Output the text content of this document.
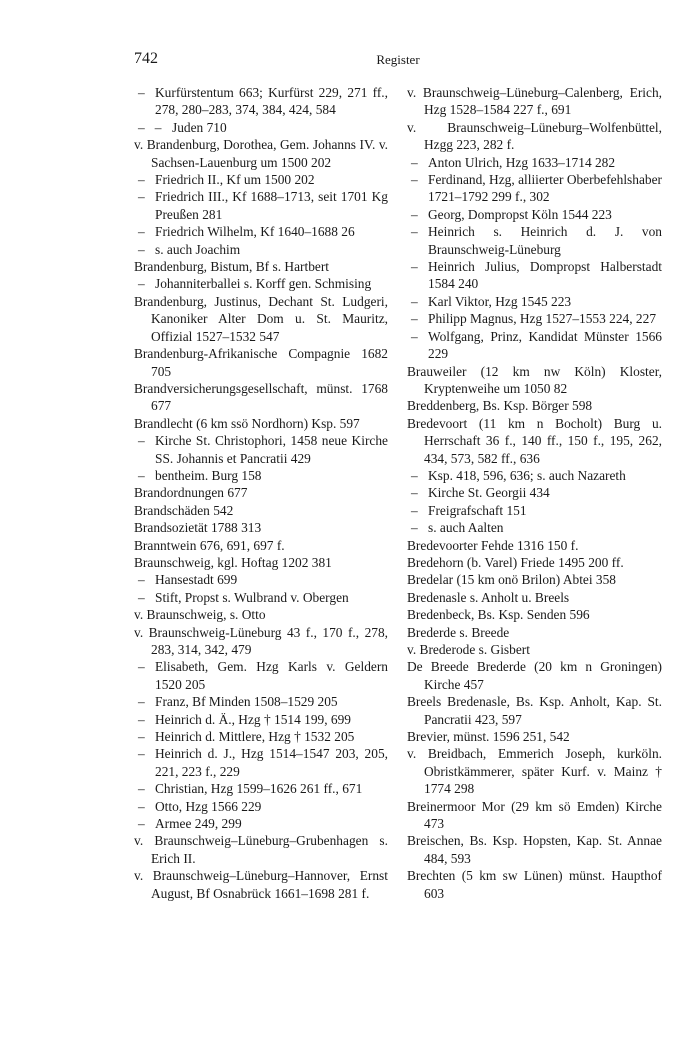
742	Register

– Kurfürstentum 663; Kurfürst 229, 271 ff., 278, 280–283, 374, 384, 424, 584

– – Juden 710

v. Brandenburg, Dorothea, Gem. Johanns IV. v. Sachsen-Lauenburg um 1500 202

– Friedrich II., Kf um 1500 202

– Friedrich III., Kf 1688–1713, seit 1701 Kg Preußen 281

– Friedrich Wilhelm, Kf 1640–1688 26

– s. auch Joachim

Brandenburg, Bistum, Bf s. Hartbert

– Johanniterballei s. Korff gen. Schmising

Brandenburg, Justinus, Dechant St. Ludgeri, Kanoniker Alter Dom u. St. Mauritz, Offizial 1527–1532 547

Brandenburg-Afrikanische Compagnie 1682 705

Brandversicherungsgesellschaft, münst. 1768 677

Brandlecht (6 km ssö Nordhorn) Ksp. 597

– Kirche St. Christophori, 1458 neue Kirche SS. Johannis et Pancratii 429

– bentheim. Burg 158

Brandordnungen 677

Brandschäden 542

Brandsozietät 1788 313

Branntwein 676, 691, 697 f.

Braunschweig, kgl. Hoftag 1202 381

– Hansestadt 699

– Stift, Propst s. Wulbrand v. Obergen

v. Braunschweig, s. Otto

v. Braunschweig-Lüneburg 43 f., 170 f., 278, 283, 314, 342, 479

– Elisabeth, Gem. Hzg Karls v. Geldern 1520 205

– Franz, Bf Minden 1508–1529 205

– Heinrich d. Ä., Hzg † 1514 199, 699

– Heinrich d. Mittlere, Hzg † 1532 205

– Heinrich d. J., Hzg 1514–1547 203, 205, 221, 223 f., 229

– Christian, Hzg 1599–1626 261 ff., 671

– Otto, Hzg 1566 229

– Armee 249, 299

v. Braunschweig–Lüneburg–Grubenhagen s. Erich II.

v. Braunschweig–Lüneburg–Hannover, Ernst August, Bf Osnabrück 1661–1698 281 f.

v. Braunschweig–Lüneburg–Calenberg, Erich, Hzg 1528–1584 227 f., 691

v. Braunschweig–Lüneburg–Wolfenbüttel, Hzgg 223, 282 f.

– Anton Ulrich, Hzg 1633–1714 282

– Ferdinand, Hzg, alliierter Oberbefehlshaber 1721–1792 299 f., 302

– Georg, Dompropst Köln 1544 223

– Heinrich s. Heinrich d. J. von Braunschweig-Lüneburg

– Heinrich Julius, Dompropst Halberstadt 1584 240

– Karl Viktor, Hzg 1545 223

– Philipp Magnus, Hzg 1527–1553 224, 227

– Wolfgang, Prinz, Kandidat Münster 1566 229

Brauweiler (12 km nw Köln) Kloster, Kryptenweihe um 1050 82

Breddenberg, Bs. Ksp. Börger 598

Bredevoort (11 km n Bocholt) Burg u. Herrschaft 36 f., 140 ff., 150 f., 195, 262, 434, 573, 582 ff., 636

– Ksp. 418, 596, 636; s. auch Nazareth

– Kirche St. Georgii 434

– Freigrafschaft 151

– s. auch Aalten

Bredevoorter Fehde 1316 150 f.

Bredehorn (b. Varel) Friede 1495 200 ff.

Bredelar (15 km onö Brilon) Abtei 358

Bredenasle s. Anholt u. Breels

Bredenbeck, Bs. Ksp. Senden 596

Brederde s. Breede

v. Brederode s. Gisbert

De Breede Brederde (20 km n Groningen) Kirche 457

Breels Bredenasle, Bs. Ksp. Anholt, Kap. St. Pancratii 423, 597

Brevier, münst. 1596 251, 542

v. Breidbach, Emmerich Joseph, kurköln. Obristkämmerer, später Kurf. v. Mainz † 1774 298

Breinermoor Mor (29 km sö Emden) Kirche 473

Breischen, Bs. Ksp. Hopsten, Kap. St. Annae 484, 593

Brechten (5 km sw Lünen) münst. Haupthof 603
